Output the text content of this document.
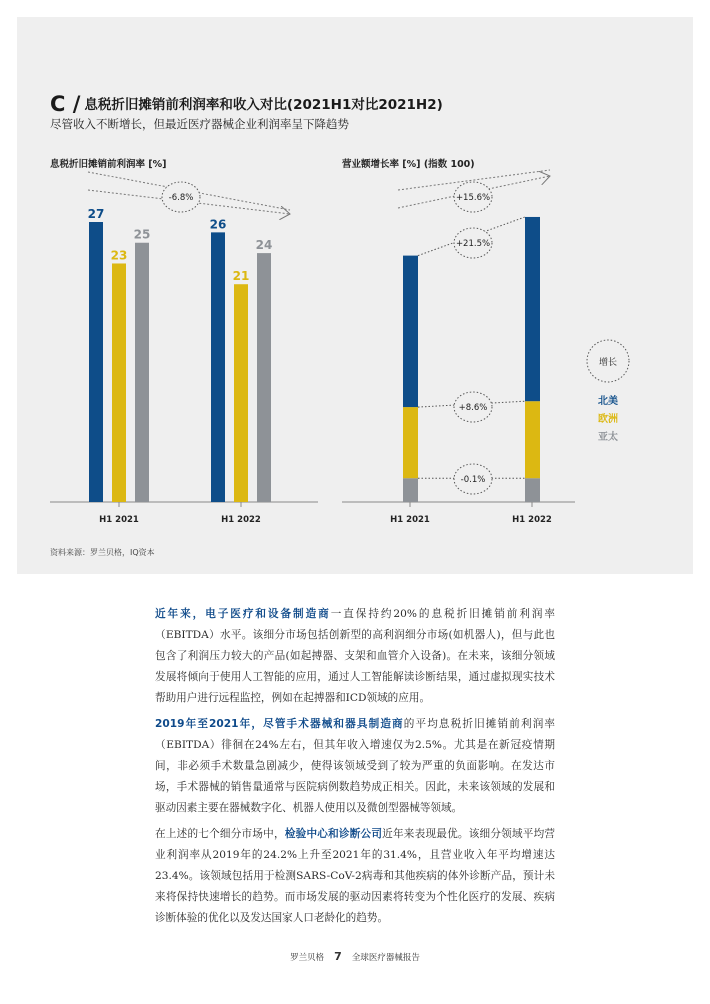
C / 息税折旧摊销前利润率和收入对比(2021H1对比2021H2)
尽管收入不断增长，但最近医疗器械企业利润率呈下降趋势
息税折旧摊销前利润率 [%]	营业额增长率 [%] (指数 100)
27
23
25
H1 2021
26
21
24
H1 2022
-6.8%
H1 2021	H1 2022
+15.6%
+21.5%
+8.6%
-0.1%
增长
北美
欧洲
亚太
资料来源：罗兰贝格，IQ资本
近年来，电子医疗和设备制造商一直保持约20%的息税折旧摊销前利润率（EBITDA）水平。该细分市场包括创新型的高利润细分市场(如机器人)，但与此也包含了利润压力较大的产品(如起搏器、支架和血管介入设备)。在未来，该细分领域发展将倾向于使用人工智能的应用，通过人工智能解读诊断结果，通过虚拟现实技术帮助用户进行远程监控，例如在起搏器和ICD领域的应用。
2019年至2021年，尽管手术器械和器具制造商的平均息税折旧摊销前利润率（EBITDA）徘徊在24%左右，但其年收入增速仅为2.5%。尤其是在新冠疫情期间，非必须手术数量急剧减少，使得该领域受到了较为严重的负面影响。在发达市场，手术器械的销售量通常与医院病例数趋势成正相关。因此，未来该领域的发展和驱动因素主要在器械数字化、机器人使用以及微创型器械等领域。
在上述的七个细分市场中，检验中心和诊断公司近年来表现最优。该细分领域平均营业利润率从2019年的24.2%上升至2021年的31.4%，且营业收入年平均增速达23.4%。该领域包括用于检测SARS-CoV-2病毒和其他疾病的体外诊断产品，预计未来将保持快速增长的趋势。而市场发展的驱动因素将转变为个性化医疗的发展、疾病诊断体验的优化以及发达国家人口老龄化的趋势。
罗兰贝格 7 全球医疗器械报告
